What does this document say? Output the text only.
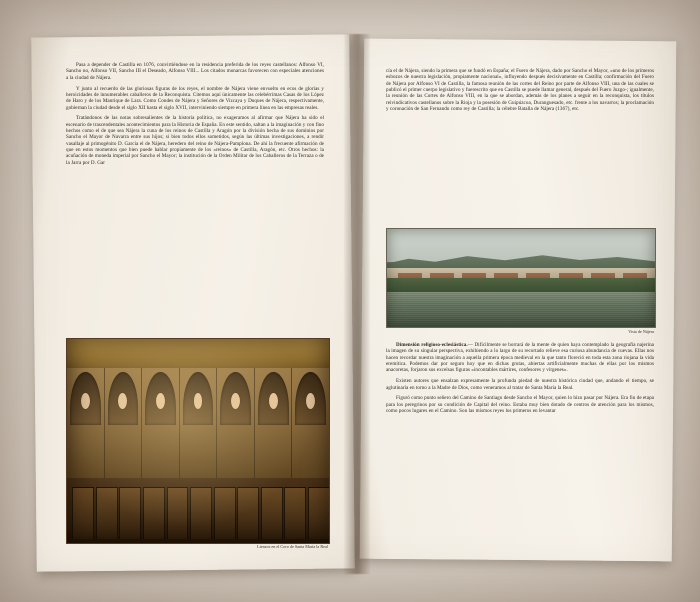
Pasa a depender de Castilla en 1076, convirtiéndose en la residencia preferida de los reyes castellanos: Alfonso VI, Sancho no, Alfonso VII, Sancho III el Deseado, Alfonso VIII... Los citados monarcas favorecen con especiales atenciones a la ciudad de Nájera.

Y junto al recuerdo de las gloriosas figuras de los reyes, el nombre de Nájera viene envuelto en ecos de glorias y heroicidades de innumerables caballeros de la Reconquista. Citemos aquí únicamente las celebérrimas Casas de los López de Haro y de los Manrique de Lara. Como Condes de Nájera y Señores de Vizcaya y Duques de Nájera, respectivamente, gobiernan la ciudad desde el siglo XII hasta el siglo XVII, interviniendo siempre en primera línea en las empresas reales.

Tratándonos de las notas sobresalientes de la historia política, no exageramos al afirmar que Nájera ha sido el escenario de trascendentales acontecimientos para la Historia de España. En este sentido, saltan a la imaginación y con fino hechos como el de que sea Nájera la cuna de los reinos de Castilla y Aragón por la división hecha de sus dominios por Sancho el Mayor de Navarra entre sus hijos; si bien todos ellos sometidos, según las últimas investigaciones, a rendir vasallaje al primogénito D. García el de Nájera, heredero del reino de Nájera-Pamplona. De ahí la frecuente afirmación de que en estos momentos que bien puede hablar propiamente de los «reinos» de Castilla, Aragón, etc. Otros hechos: la acuñación de moneda imperial por Sancho el Mayor; la institución de la Orden Militar de los Caballeros de la Terraza o de la Jarra por D. Gar

Lienzos en el Coro de Santa María la Real

cía el de Nájera, siendo la primera que se fundó en España; el Fuero de Nájera, dado por Sancho el Mayor, «uno de los primeros esbozos de nuestra legislación, propiamente nacional», influyendo después decisivamente en Castilla; confirmación del Fuero de Nájera por Alfonso VI de Castilla, la famosa reunión de las cortes del Reino por parte de Alfonso VIII, una de las cuales se publicó el primer cuerpo legislativo y fuerescrito que en Castilla se puede llamar general, después del Fuero Juzgo-; igualmente, la reunión de las Cortes de Alfonso VIII, en la que se abordan, además de los planes a seguir en la reconquista, los títulos reivindicativos castellanos sobre la Rioja y la posesión de Guipúzcoa, Duranguesado, etc. frente a los navarros; la proclamación y coronación de San Fernando como rey de Castilla; la célebre Batalla de Nájera (1367), etc.

Vista de Nájera

Dimensión religioso-eclesiástica.— Difícilmente se borrará de la mente de quien haya contemplado la geografía najerina la imagen de su singular perspectiva, exhibiendo a lo largo de su recortado relieve esa curiosa abundancia de cuevas. Ellas nos hacen recordar nuestra imaginación a aquella primera época medieval en la que tanto floreció en toda esta zona riojana la vida eremítica. Podemos dar por seguro hoy que en dichas grutas, abiertas artificialmente muchas de ellas por los mismos anacoretas, forjaron sus excelsas figuras «incontables mártires, confesores y vírgenes».

Existen autores que ensalzan expresamente la profunda piedad de nuestra histórica ciudad que, andando el tiempo, se aglutinaría en torno a la Madre de Dios, como veneramos al tratar de Santa María la Real.

Figuró como punto señero del Camino de Santiago desde Sancho el Mayor, quien lo hizo pasar por Nájera. Era fin de etapa para los peregrinos por su condición de Capital del reino. Estaba muy bien dotado de centros de atención para los mismos, como pocos lugares en el Camino. Son las mismos reyes los primeros en levantar
